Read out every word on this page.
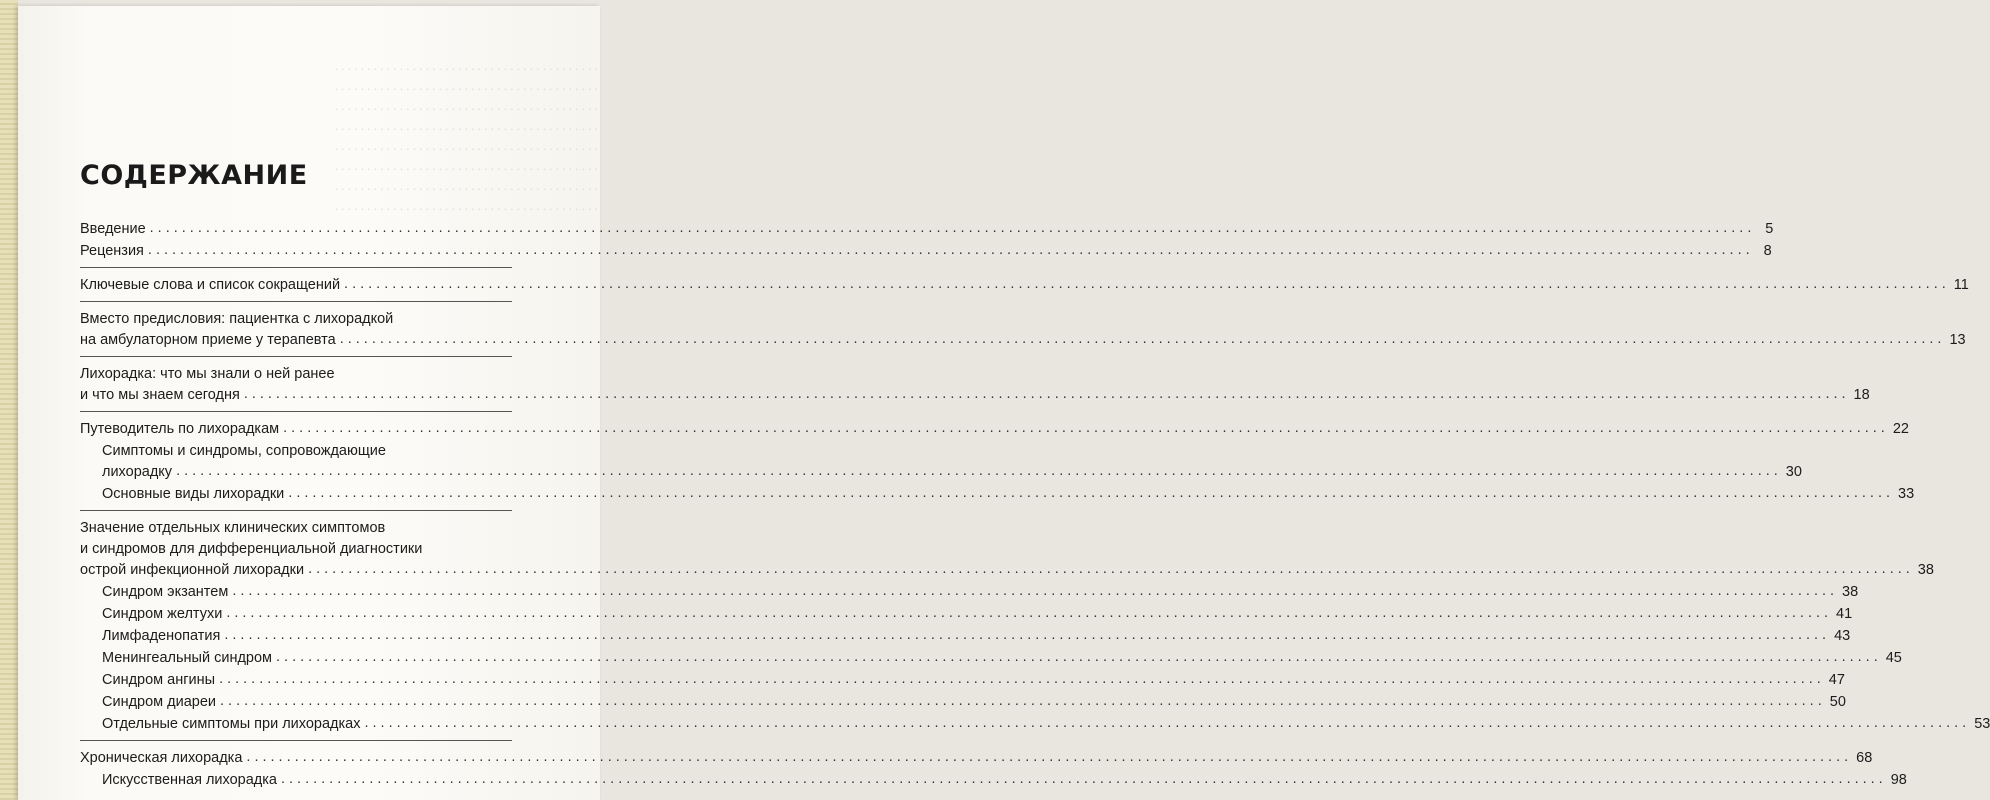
. . . . . . . . . . . . . . . . . . . . . . . . . . . . . . . . . . . . . . . . .
. . . . . . . . . . . . . . . . . . . . . . . . . . . . . . . . . . . . . . . . .
. . . . . . . . . . . . . . . . . . . . . . . . . . . . . . . . . . . . . . . . .
. . . . . . . . . . . . . . . . . . . . . . . . . . . . . . . . . . . . . . . . .
. . . . . . . . . . . . . . . . . . . . . . . . . . . . . . . . . . . . . . . . .
. . . . . . . . . . . . . . . . . . . . . . . . . . . . . . . . . . . . . . . . .
. . . . . . . . . . . . . . . . . . . . . . . . . . . . . . . . . . . . . . . . .
. . . . . . . . . . . . . . . . . . . . . . . . . . . . . . . . . . . . . . . . .
СОДЕРЖАНИЕ
Введение ........................................................................................................................................................................................................ 5
Рецензия ........................................................................................................................................................................................................ 8
Ключевые слова и список сокращений ........................................................................................................................................................................................................ 11
Вместо предисловия: пациентка с лихорадкой
на амбулаторном приеме у терапевта ........................................................................................................................................................................................................ 13
Лихорадка: что мы знали о ней ранее
и что мы знаем сегодня ........................................................................................................................................................................................................ 18
Путеводитель по лихорадкам ........................................................................................................................................................................................................ 22
Симптомы и синдромы, сопровождающие
лихорадку ........................................................................................................................................................................................................ 30
Основные виды лихорадки ........................................................................................................................................................................................................ 33
Значение отдельных клинических симптомов
и синдромов для дифференциальной диагностики
острой инфекционной лихорадки ........................................................................................................................................................................................................ 38
Синдром экзантем ........................................................................................................................................................................................................ 38
Синдром желтухи ........................................................................................................................................................................................................ 41
Лимфаденопатия ........................................................................................................................................................................................................ 43
Менингеальный синдром ........................................................................................................................................................................................................ 45
Синдром ангины ........................................................................................................................................................................................................ 47
Синдром диареи ........................................................................................................................................................................................................ 50
Отдельные симптомы при лихорадках ........................................................................................................................................................................................................ 53
Хроническая лихорадка ........................................................................................................................................................................................................ 68
Искусственная лихорадка ........................................................................................................................................................................................................ 98
